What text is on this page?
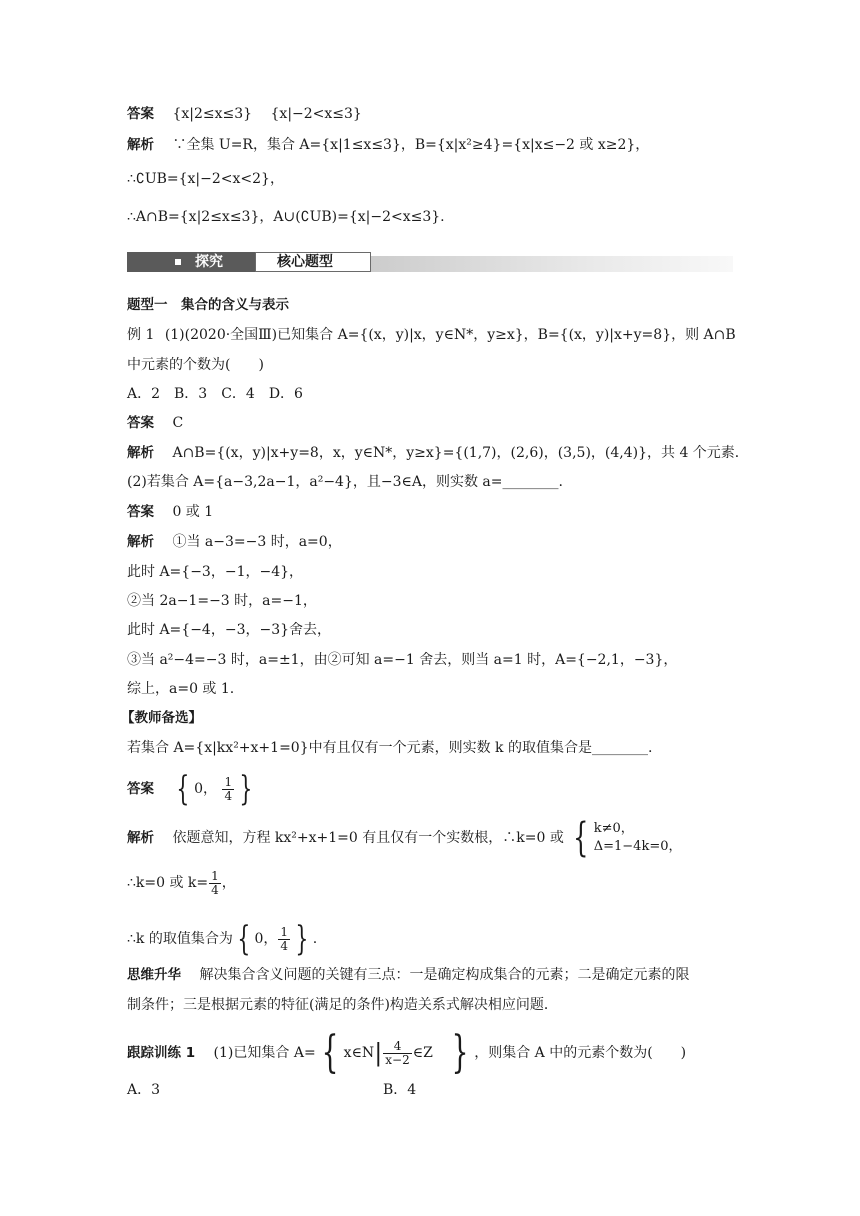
答案 {x|2≤x≤3}　 {x|−2<x≤3}
解析 ∵全集 U=R，集合 A={x|1≤x≤3}，B={x|x²≥4}={x|x≤−2 或 x≥2}，
∴∁UB={x|−2<x<2}，
∴A∩B={x|2≤x≤3}，A∪(∁UB)={x|−2<x≤3}.
探究	核心题型
题型一　集合的含义与表示
例 1 (1)(2020·全国Ⅲ)已知集合 A={(x，y)|x，y∈N*，y≥x}，B={(x，y)|x+y=8}，则 A∩B
中元素的个数为(　　)
A．2　B．3　C．4　D．6
答案 C
解析 A∩B={(x，y)|x+y=8，x，y∈N*，y≥x}={(1,7)，(2,6)，(3,5)，(4,4)}，共 4 个元素．
(2)若集合 A={a−3,2a−1，a²−4}，且−3∈A，则实数 a=________.
答案 0 或 1
解析 ①当 a−3=−3 时，a=0，
此时 A={−3，−1，−4}，
②当 2a−1=−3 时，a=−1，
此时 A={−4，−3，−3}舍去，
③当 a²−4=−3 时，a=±1，由②可知 a=−1 舍去，则当 a=1 时，A={−2,1，−3}，
综上，a=0 或 1.
【教师备选】
若集合 A={x|kx²+x+1=0}中有且仅有一个元素，则实数 k 的取值集合是________.
答案 { 0， $\frac{1}{4}$ }
解析 依题意知，方程 kx²+x+1=0 有且仅有一个实数根，∴k=0 或 { k≠0，
Δ=1−4k=0，
∴k=0 或 $k= \frac{1}{4}$ ，
∴k 的取值集合为 { 0， $\frac{1}{4}$ } .
思维升华 解决集合含义问题的关键有三点：一是确定构成集合的元素；二是确定元素的限
制条件；三是根据元素的特征(满足的条件)构造关系式解决相应问题．
跟踪训练 1 (1)已知集合 A= { x∈N| $\frac{4}{x-2}$ ∈Z } ，则集合 A 中的元素个数为(　　)
A．3	B．4
